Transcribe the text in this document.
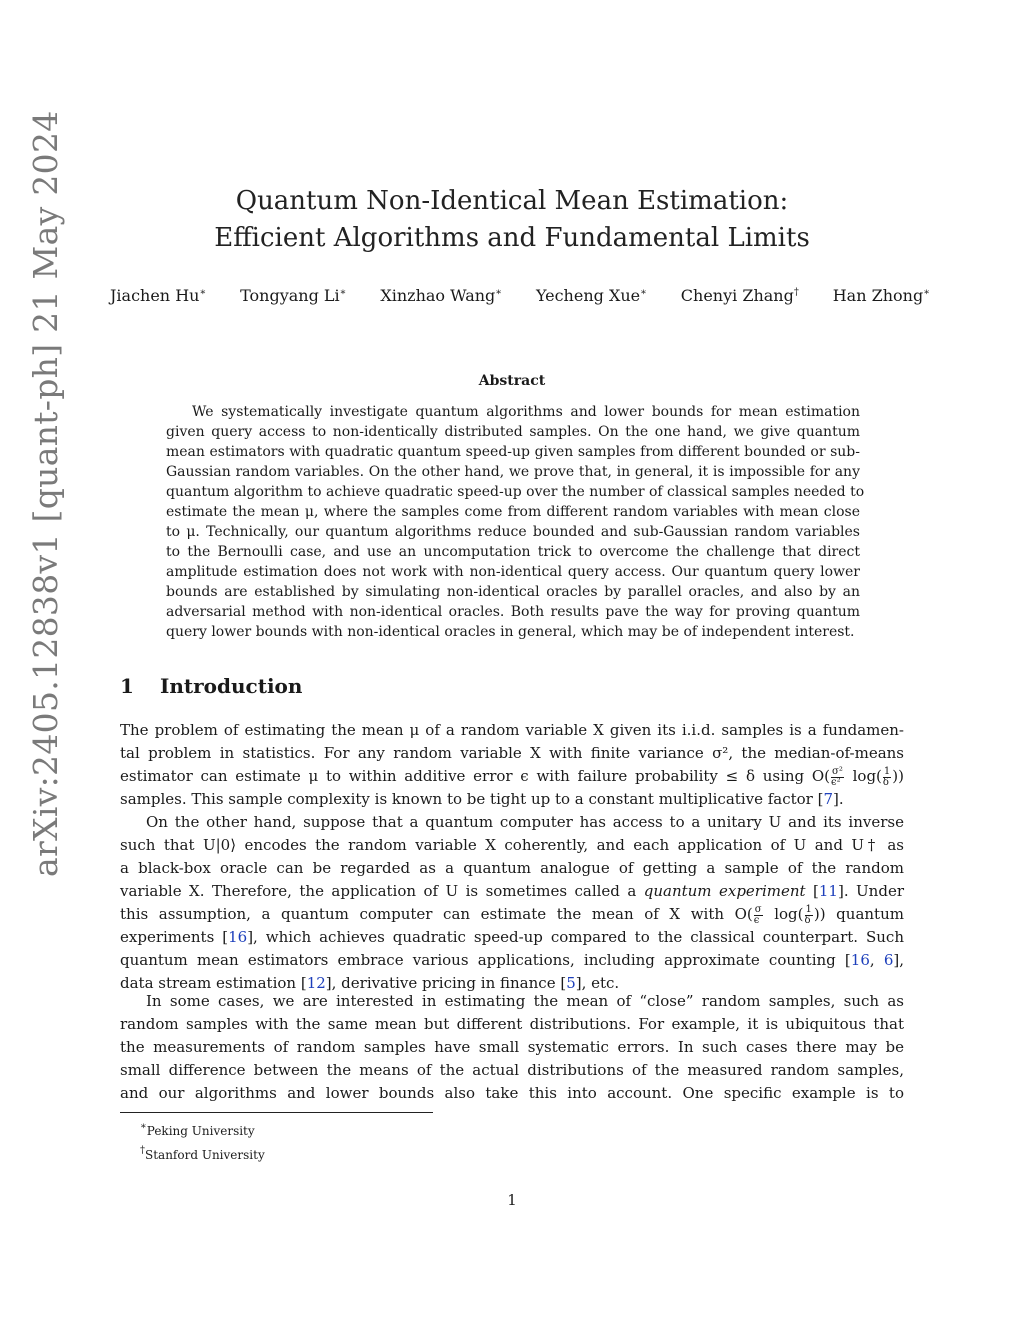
arXiv:2405.12838v1 [quant-ph] 21 May 2024	Quantum Non-Identical Mean Estimation:
Efficient Algorithms and Fundamental Limits
Jiachen Hu∗ Tongyang Li∗ Xinzhao Wang∗ Yecheng Xue∗ Chenyi Zhang† Han Zhong∗
Abstract
We systematically investigate quantum algorithms and lower bounds for mean estimation
given query access to non-identically distributed samples. On the one hand, we give quantum
mean estimators with quadratic quantum speed-up given samples from different bounded or sub-
Gaussian random variables. On the other hand, we prove that, in general, it is impossible for any
quantum algorithm to achieve quadratic speed-up over the number of classical samples needed to
estimate the mean μ, where the samples come from different random variables with mean close
to μ. Technically, our quantum algorithms reduce bounded and sub-Gaussian random variables
to the Bernoulli case, and use an uncomputation trick to overcome the challenge that direct
amplitude estimation does not work with non-identical query access. Our quantum query lower
bounds are established by simulating non-identical oracles by parallel oracles, and also by an
adversarial method with non-identical oracles. Both results pave the way for proving quantum
query lower bounds with non-identical oracles in general, which may be of independent interest.
1 Introduction
The problem of estimating the mean μ of a random variable X given its i.i.d. samples is a fundamen-
tal problem in statistics. For any random variable X with finite variance σ², the median-of-means
estimator can estimate μ to within additive error ϵ with failure probability ≤ δ using $O( \frac{\text{σ²}}{\text{ϵ²}} \log( \frac{1}{\delta}$ ))
samples. This sample complexity is known to be tight up to a constant multiplicative factor [7].
On the other hand, suppose that a quantum computer has access to a unitary U and its inverse
such that U|0⟩ encodes the random variable X coherently, and each application of U and U† as
a black-box oracle can be regarded as a quantum analogue of getting a sample of the random
variable X. Therefore, the application of U is sometimes called a quantum experiment [11]. Under
this assumption, a quantum computer can estimate the mean of X with $O( \frac{\sigma}{\epsilon} \log( \frac{1}{\delta}$ )) quantum
experiments [16], which achieves quadratic speed-up compared to the classical counterpart. Such
quantum mean estimators embrace various applications, including approximate counting [16, 6],
data stream estimation [12], derivative pricing in finance [5], etc.
In some cases, we are interested in estimating the mean of “close” random samples, such as
random samples with the same mean but different distributions. For example, it is ubiquitous that
the measurements of random samples have small systematic errors. In such cases there may be
small difference between the means of the actual distributions of the measured random samples,
and our algorithms and lower bounds also take this into account. One specific example is to
∗Peking University
†Stanford University
1
